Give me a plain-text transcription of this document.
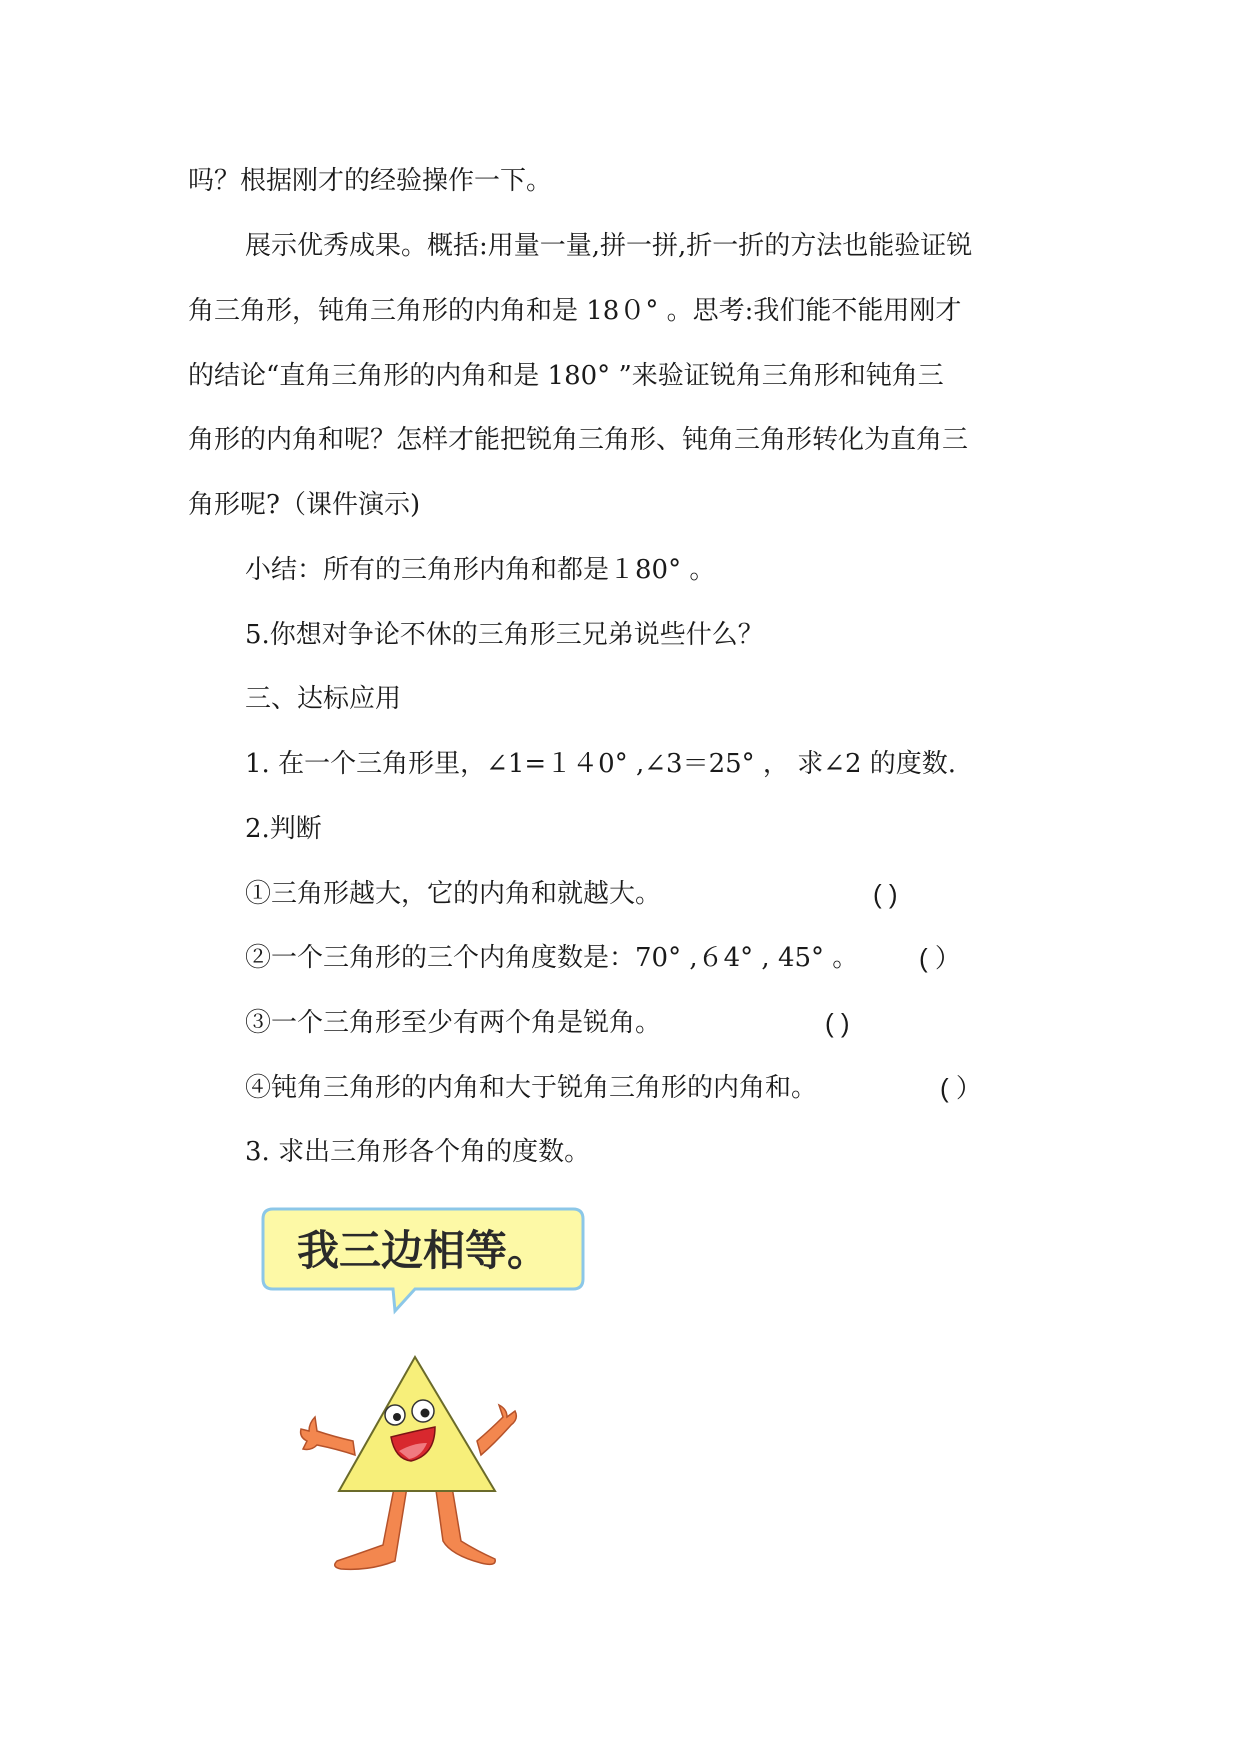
吗？根据刚才的经验操作一下。
展示优秀成果。概括:用量一量,拼一拼,折一折的方法也能验证锐
角三角形，钝角三角形的内角和是 18０° 。思考:我们能不能用刚才
的结论“直角三角形的内角和是 180° ”来验证锐角三角形和钝角三
角形的内角和呢？怎样才能把锐角三角形、钝角三角形转化为直角三
角形呢?（课件演示)
小结：所有的三角形内角和都是１80° 。
5.你想对争论不休的三角形三兄弟说些什么？
三、达标应用
1. 在一个三角形里，∠1=１４0° ,∠3＝25° ， 求∠2 的度数.
2.判断
①三角形越大，它的内角和就越大。	( )
②一个三角形的三个内角度数是：70° ,６4° , 45° 。 ( ）
③一个三角形至少有两个角是锐角。	( )
④钝角三角形的内角和大于锐角三角形的内角和。	( ）
3. 求出三角形各个角的度数。
我三边相等。
